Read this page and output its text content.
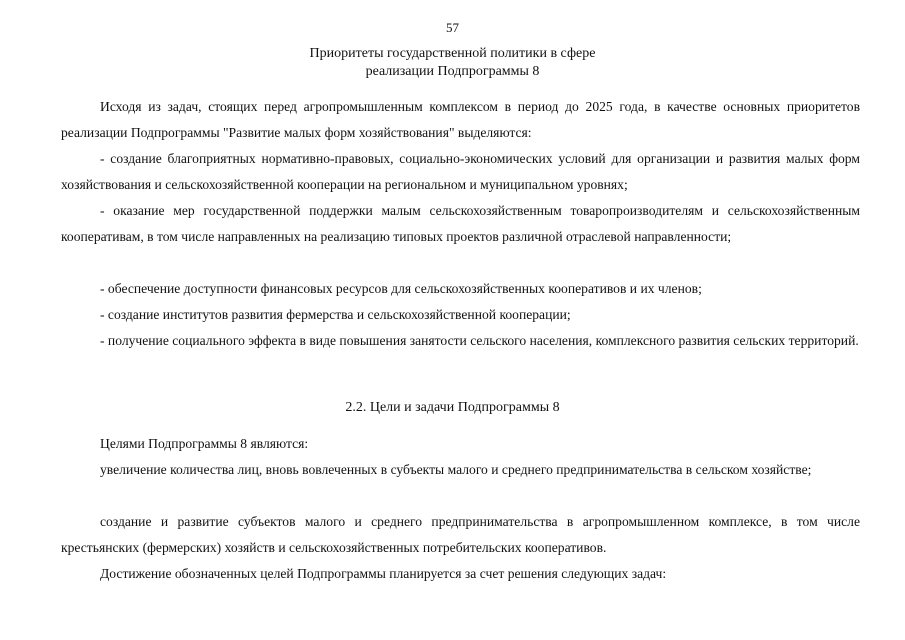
57
Приоритеты государственной политики в сфере
реализации Подпрограммы 8

Исходя из задач, стоящих перед агропромышленным комплексом в период до 2025 года, в качестве основных приоритетов реализации Подпрограммы "Развитие малых форм хозяйствования" выделяются:

- создание благоприятных нормативно-правовых, социально-экономических условий для организации и развития малых форм хозяйствования и сельскохозяйственной кооперации на региональном и муниципальном уровнях;

- оказание мер государственной поддержки малым сельскохозяйственным товаропроизводителям и сельскохозяйственным кооперативам, в том числе направленных на реализацию типовых проектов различной отраслевой направленности;

- обеспечение доступности финансовых ресурсов для сельскохозяйственных кооперативов и их членов;

- создание институтов развития фермерства и сельскохозяйственной кооперации;

- получение социального эффекта в виде повышения занятости сельского населения, комплексного развития сельских территорий.

2.2. Цели и задачи Подпрограммы 8

Целями Подпрограммы 8 являются:

увеличение количества лиц, вновь вовлеченных в субъекты малого и среднего предпринимательства в сельском хозяйстве;

создание и развитие субъектов малого и среднего предпринимательства в агропромышленном комплексе, в том числе крестьянских (фермерских) хозяйств и сельскохозяйственных потребительских кооперативов.

Достижение обозначенных целей Подпрограммы планируется за счет решения следующих задач:
